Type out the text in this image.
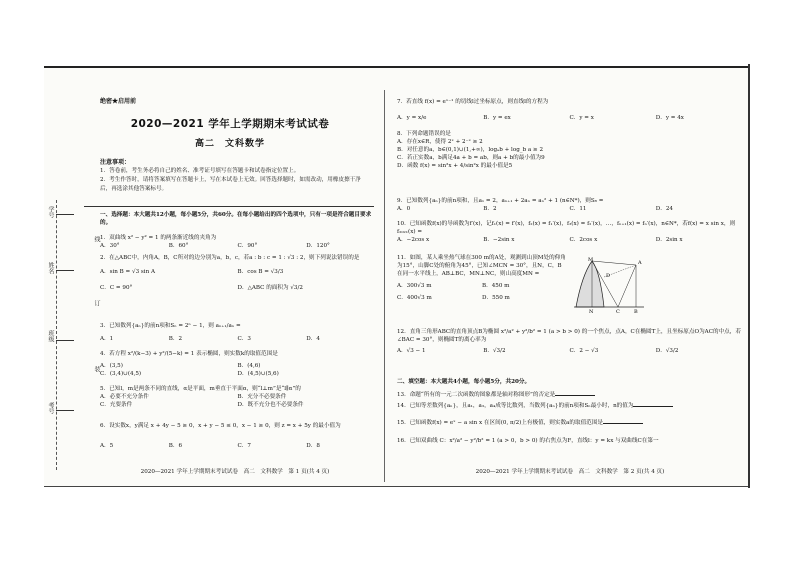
学号
姓名
班级
考号
线
订
装
绝密★启用前
2020—2021 学年上学期期末考试试卷
高二　文科数学
注意事项：
1．答卷前，考生务必将自己的姓名、准考证号填写在答题卡和试卷指定位置上。
2．考生作答时，请将答案填写在答题卡上，写在本试卷上无效。回答选择题时，如需改动，用橡皮擦干净后，再选涂其他答案标号。
一、选择题：本大题共12小题，每小题5分，共60分。在每小题给出的四个选项中，只有一项是符合题目要求的。
1．双曲线 x² − y² = 1 的两条渐近线的夹角为
A．30°	B．60°	C．90°	D．120°
2．在△ABC中，内角A，B，C所对的边分别为a，b，c，若a : b : c = 1 : √3 : 2，则下列说法错误的是
A．sin B = √3 sin A	B．cos B = √3/3
C．C = 90°	D．△ABC 的面积为 √3/2
3．已知数列{aₙ}的前n项和Sₙ = 2ⁿ − 1，则 aₙ₊₁/aₙ =
A．1	B．2	C．3	D．4
4．若方程 x²/(k−3) + y²/(5−k) = 1 表示椭圆，则实数k的取值范围是
A．(3,5)	B．(4,6)
C．(3,4)∪(4,5)	D．(4,5)∪(5,6)
5．已知l，m是两条不同的直线，α是平面，m垂直于平面α，则“l⊥m”是“l∥α”的
A．必要不充分条件	B．充分不必要条件
C．充要条件	D．既不充分也不必要条件
6．设实数x，y满足 x + 4y − 5 ≥ 0，x + y − 5 ≤ 0，x − 1 ≥ 0，则 z = x + 5y 的最小值为
A．5	B．6	C．7	D．8
2020—2021 学年上学期期末考试试卷　高二　文科数学　第 1 页(共 4 页)
7．若直线 f(x) = eˣ⁻¹ 的切线l过坐标原点，则直线l的方程为
A．y = x/e	B．y = ex	C．y = x	D．y = 4x
8．下列命题错误的是
A．存在x∈R，使得 2ˣ + 2⁻ˣ ≥ 2
B．对任意的a，b∈(0,1)∪(1,+∞)，logₐb + log_b a ≥ 2
C．若正实数a，b满足4a + b = ab，则a + b的最小值为9
D．函数 f(x) = sin²x + 4/sin²x 的最小值是5
9．已知数列{aₙ}的前n项和，且a₁ = 2，aₙ₊₁ + 2aₙ = aₙ² + 1 (n∈N*)，则S₈ =
A．0	B．2	C．11	D．24
10．已知函数f(x)的导函数为f′(x)，记f₁(x) = f′(x)，f₂(x) = f₁′(x)，f₃(x) = f₂′(x)，…，fₙ₊₁(x) = fₙ′(x)，n∈N*，若f(x) = x sin x，则f₂₀₂₁(x) =
A．−2cos x	B．−2sin x	C．2cos x	D．2sin x
11．如图，某人乘坐热气球在300 m的A处，观测到山顶M处的仰角为15°，山脚C处的俯角为45°，已知∠MCN = 30°，且N，C，B在同一水平线上，AB⊥BC，MN⊥NC，则山高度MN =
A．300√3 m	B．450 m
C．400√3 m	D．550 m
M	A
D
N	C	B
12．直角三角形ABC的直角顶点B为椭圆 x²/a² + y²/b² = 1 (a > b > 0) 的一个焦点，点A，C在椭圆T上，且坐标原点O为AC的中点，若∠BAC = 30°，则椭圆T的离心率为
A．√3 − 1	B．√3/2	C．2 − √3	D．√3/2
二、填空题：本大题共4小题，每小题5分，共20分。
13．命题“所有的一元二次函数的图象都是轴对称图形”的否定是
14．已知等差数列{aₙ}，且a₁，a₃，a₄成等比数列，当数列{aₙ}的前n项和Sₙ最小时，n的值为
15．已知函数f(x) = eˣ − a sin x 在区间(0, π/2)上有极值，则实数a的取值范围是
16．已知双曲线 C：x²/a² − y²/b² = 1 (a > 0，b > 0) 的右焦点为F，直线l：y = kx 与双曲线C在第一
2020—2021 学年上学期期末考试试卷　高二　文科数学　第 2 页(共 4 页)
